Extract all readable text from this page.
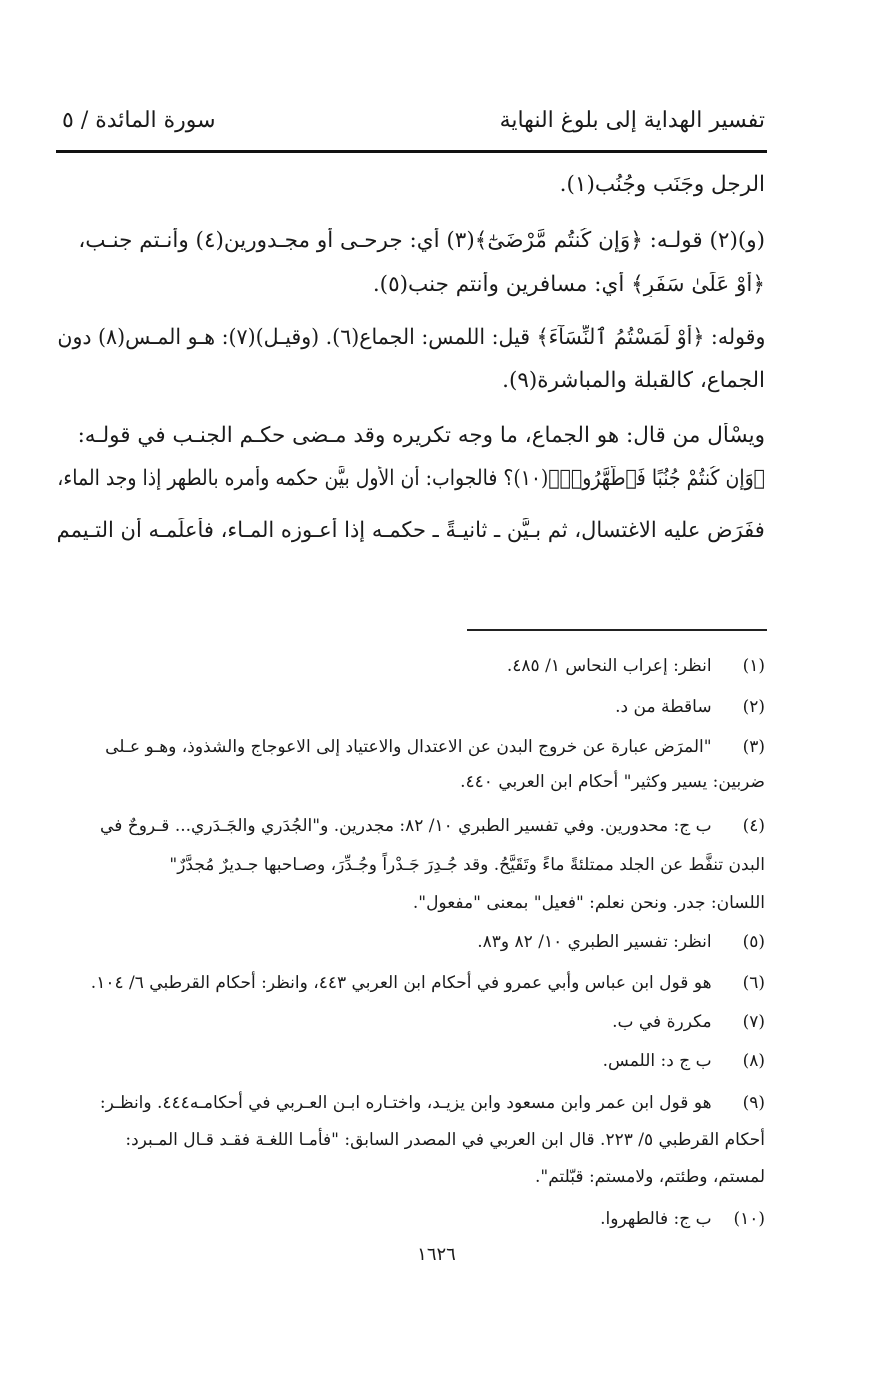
تفسير الهداية إلى بلوغ النهاية
سورة المائدة / ٥
الرجل وجَنَب وجُنُب(١).
(و)(٢) قولـه: ﴿وَإِن كُنتُم مَّرْضَىٰٓ﴾(٣) أي: جرحـى أو مجـدورين(٤) وأنـتم جنـب،
﴿أَوْ عَلَىٰ سَفَرٍ﴾ أي: مسافرين وأنتم جنب(٥).
وقوله: ﴿أَوْ لَٰمَسْتُمُ ٱلنِّسَآءَ﴾ قيل: اللمس: الجماع(٦). (وقيـل)(٧): هـو المـس(٨) دون
الجماع، كالقبلة والمباشرة(٩).
ويسْأل من قال: هو الجماع، ما وجه تكريره وقد مـضى حكـم الجنـب في قولـه:
﴿وَإِن كُنتُمْ جُنُبًا فَٱطَّهَّرُوا۟﴾(١٠)؟ فالجواب: أن الأول بيَّن حكمه وأمره بالطهر إذا وجد الماء،
ففَرَض عليه الاغتسال، ثم بـيَّن ـ ثانيـةً ـ حكمـه إذا أعـوزه المـاء، فأعلَمـه أن التـيمم
(١) انظر: إعراب النحاس ١/ ٤٨٥.
(٢) ساقطة من د.
(٣) "المرَض عبارة عن خروج البدن عن الاعتدال والاعتياد إلى الاعوجاج والشذوذ، وهـو عـلى
ضربين: يسير وكثير" أحكام ابن العربي ٤٤٠.
(٤) ب ج: محدورين. وفي تفسير الطبري ١٠/ ٨٢: مجدرين. و"الجُدَري والجَـدَري... قـروحٌ في
البدن تنفَّط عن الجلد ممتلئةً ماءً وتَقَيَّحُ. وقد جُـدِرَ جَـدْراً وجُـدِّرَ، وصـاحبها جـديرٌ مُجدَّرٌ"
اللسان: جدر. ونحن نعلم: "فعيل" بمعنى "مفعول".
(٥) انظر: تفسير الطبري ١٠/ ٨٢ و٨٣.
(٦) هو قول ابن عباس وأبي عمرو في أحكام ابن العربي ٤٤٣، وانظر: أحكام القرطبي ٦/ ١٠٤.
(٧) مكررة في ب.
(٨) ب ج د: اللمس.
(٩) هو قول ابن عمر وابن مسعود وابن يزيـد، واختـاره ابـن العـربي في أحكامـه٤٤٤. وانظـر:
أحكام القرطبي ٥/ ٢٢٣. قال ابن العربي في المصدر السابق: "فأمـا اللغـة فقـد قـال المـبرد:
لمستم، وطئتم، ولامستم: قبّلتم".
(١٠) ب ج: فالطهروا.
١٦٢٦
